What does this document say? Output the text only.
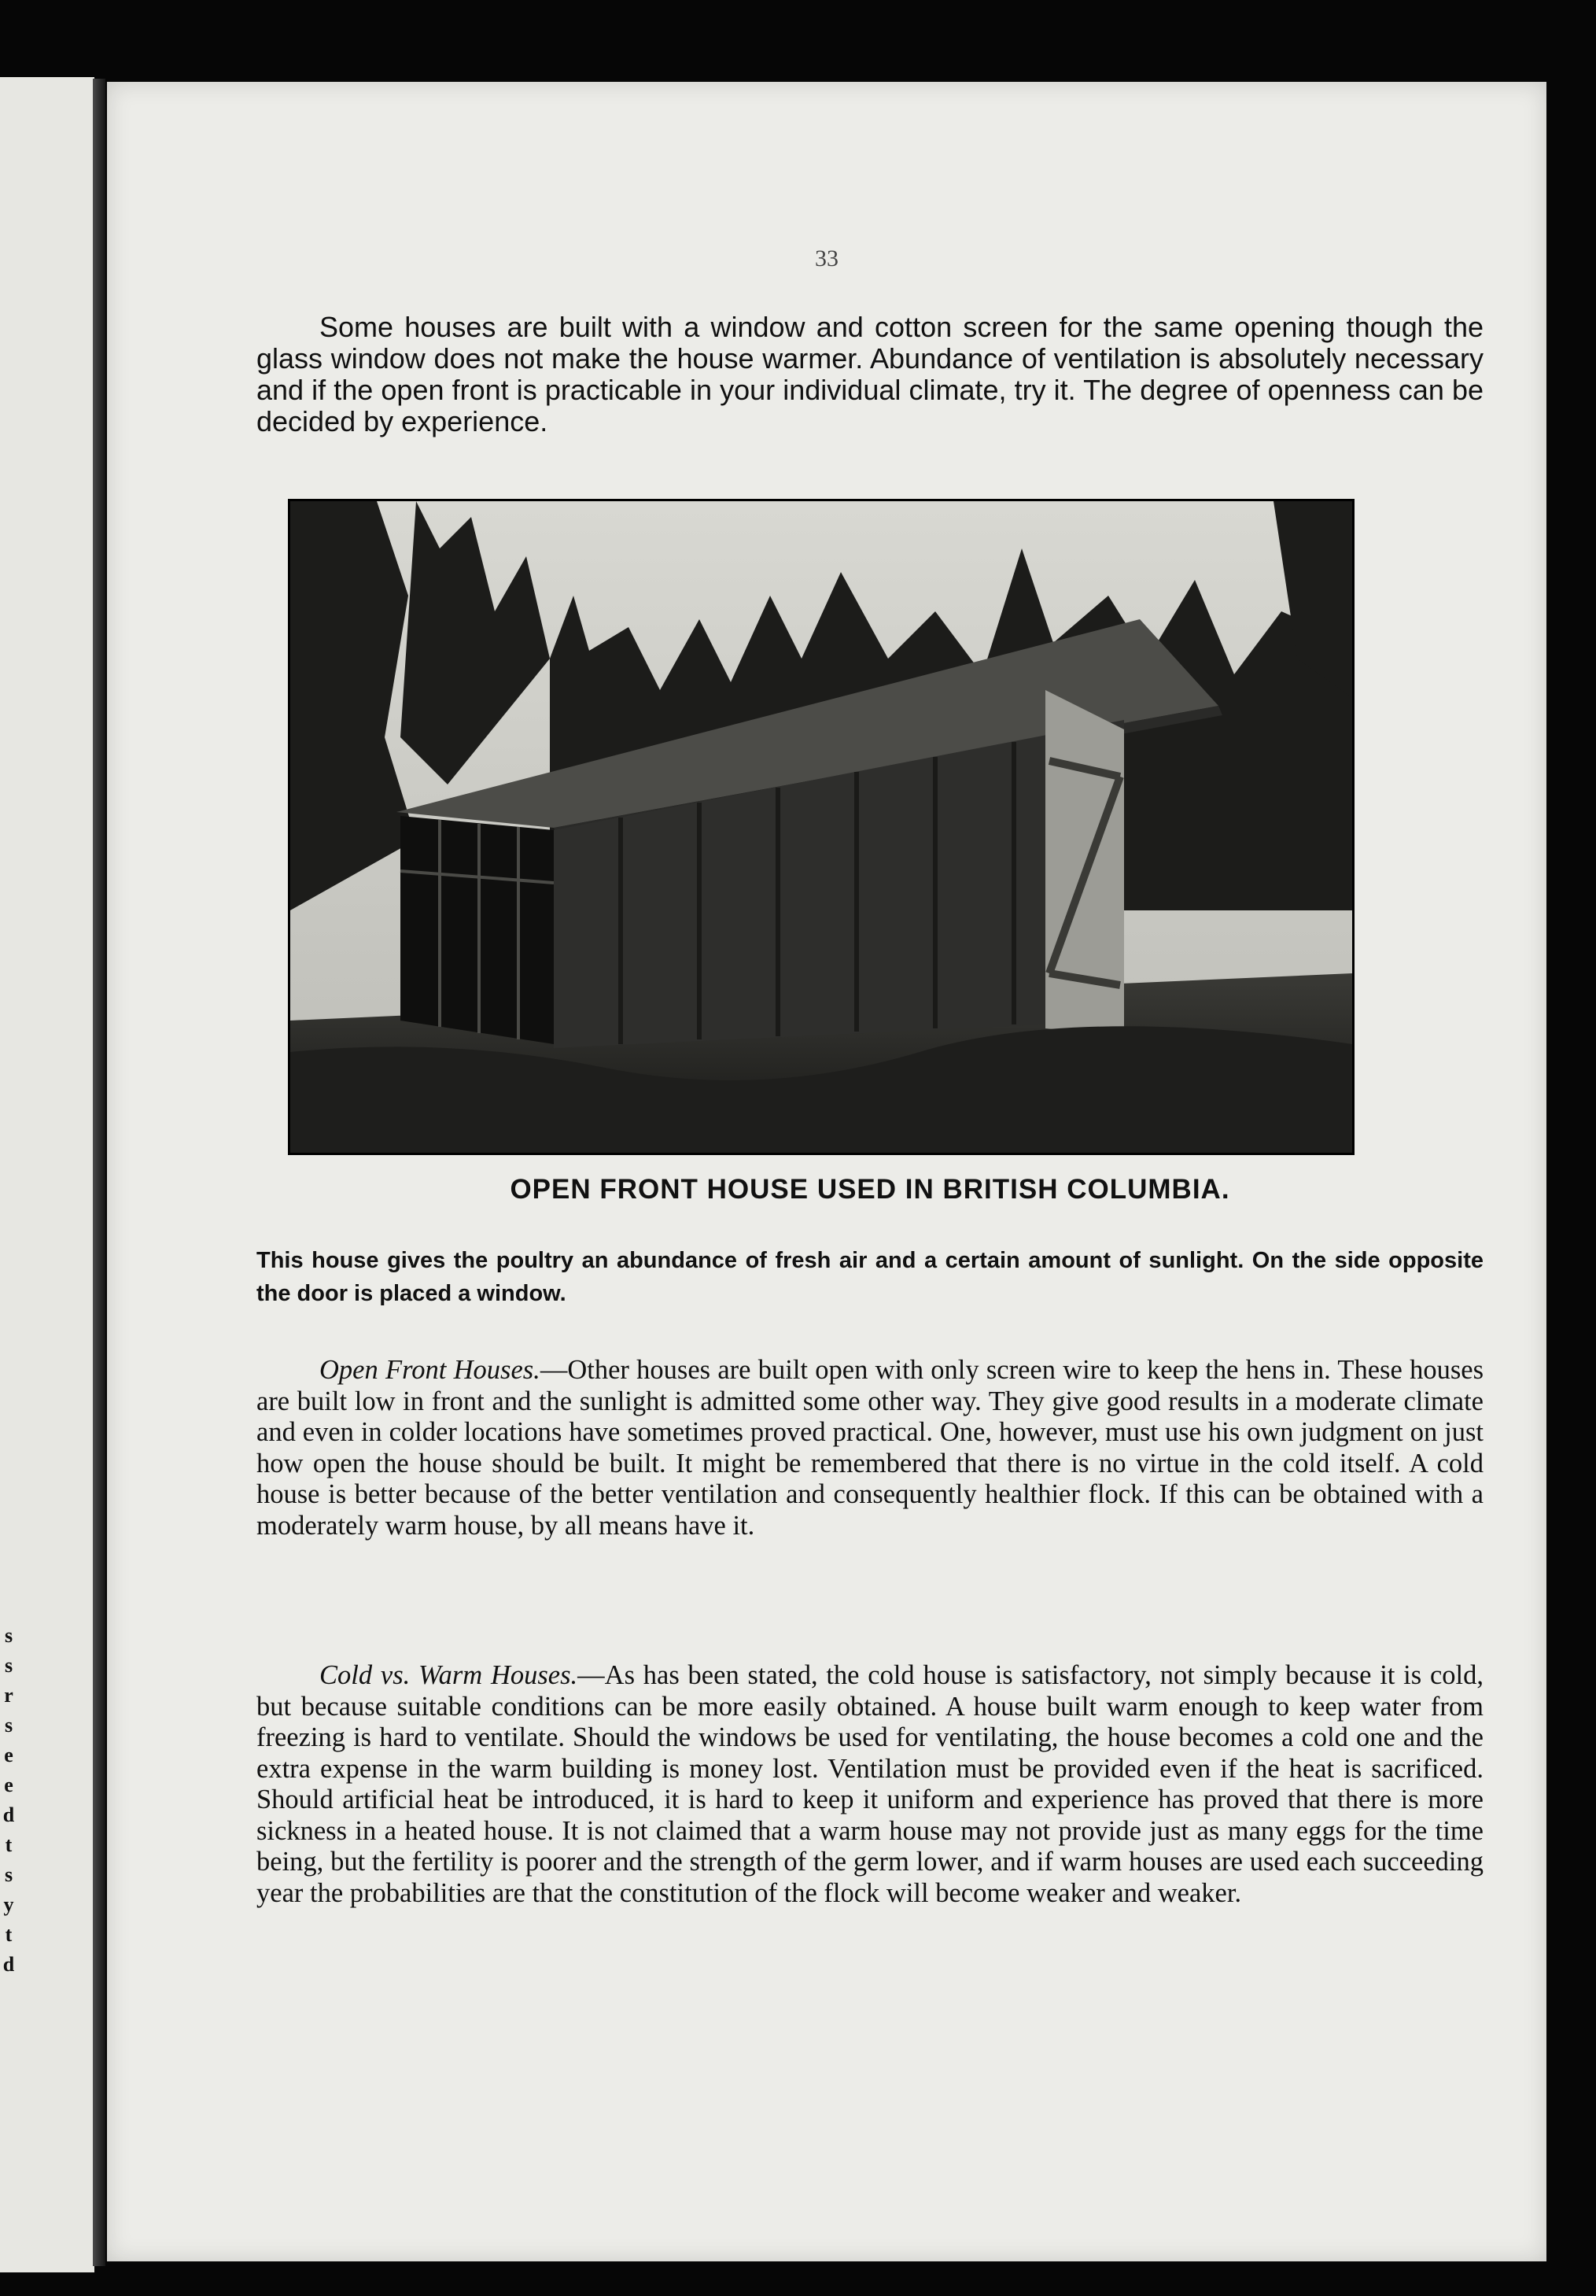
s
s
r
s
e
e
d
t
s
y
t
d
33

Some houses are built with a window and cotton screen for the same opening though the glass window does not make the house warmer. Abundance of ventilation is absolutely necessary and if the open front is practicable in your individual climate, try it. The degree of openness can be decided by experience.

OPEN FRONT HOUSE USED IN BRITISH COLUMBIA.

This house gives the poultry an abundance of fresh air and a certain amount of sunlight. On the side opposite the door is placed a window.

Open Front Houses.—Other houses are built open with only screen wire to keep the hens in. These houses are built low in front and the sunlight is admitted some other way. They give good results in a moderate climate and even in colder locations have sometimes proved practical. One, however, must use his own judgment on just how open the house should be built. It might be remembered that there is no virtue in the cold itself. A cold house is better because of the better ventilation and consequently healthier flock. If this can be obtained with a moderately warm house, by all means have it.

Cold vs. Warm Houses.—As has been stated, the cold house is satisfactory, not simply because it is cold, but because suitable conditions can be more easily obtained. A house built warm enough to keep water from freezing is hard to ventilate. Should the windows be used for ventilating, the house becomes a cold one and the extra expense in the warm building is money lost. Ventilation must be provided even if the heat is sacrificed. Should artificial heat be introduced, it is hard to keep it uniform and experience has proved that there is more sickness in a heated house. It is not claimed that a warm house may not provide just as many eggs for the time being, but the fertility is poorer and the strength of the germ lower, and if warm houses are used each succeeding year the probabilities are that the constitution of the flock will become weaker and weaker.
